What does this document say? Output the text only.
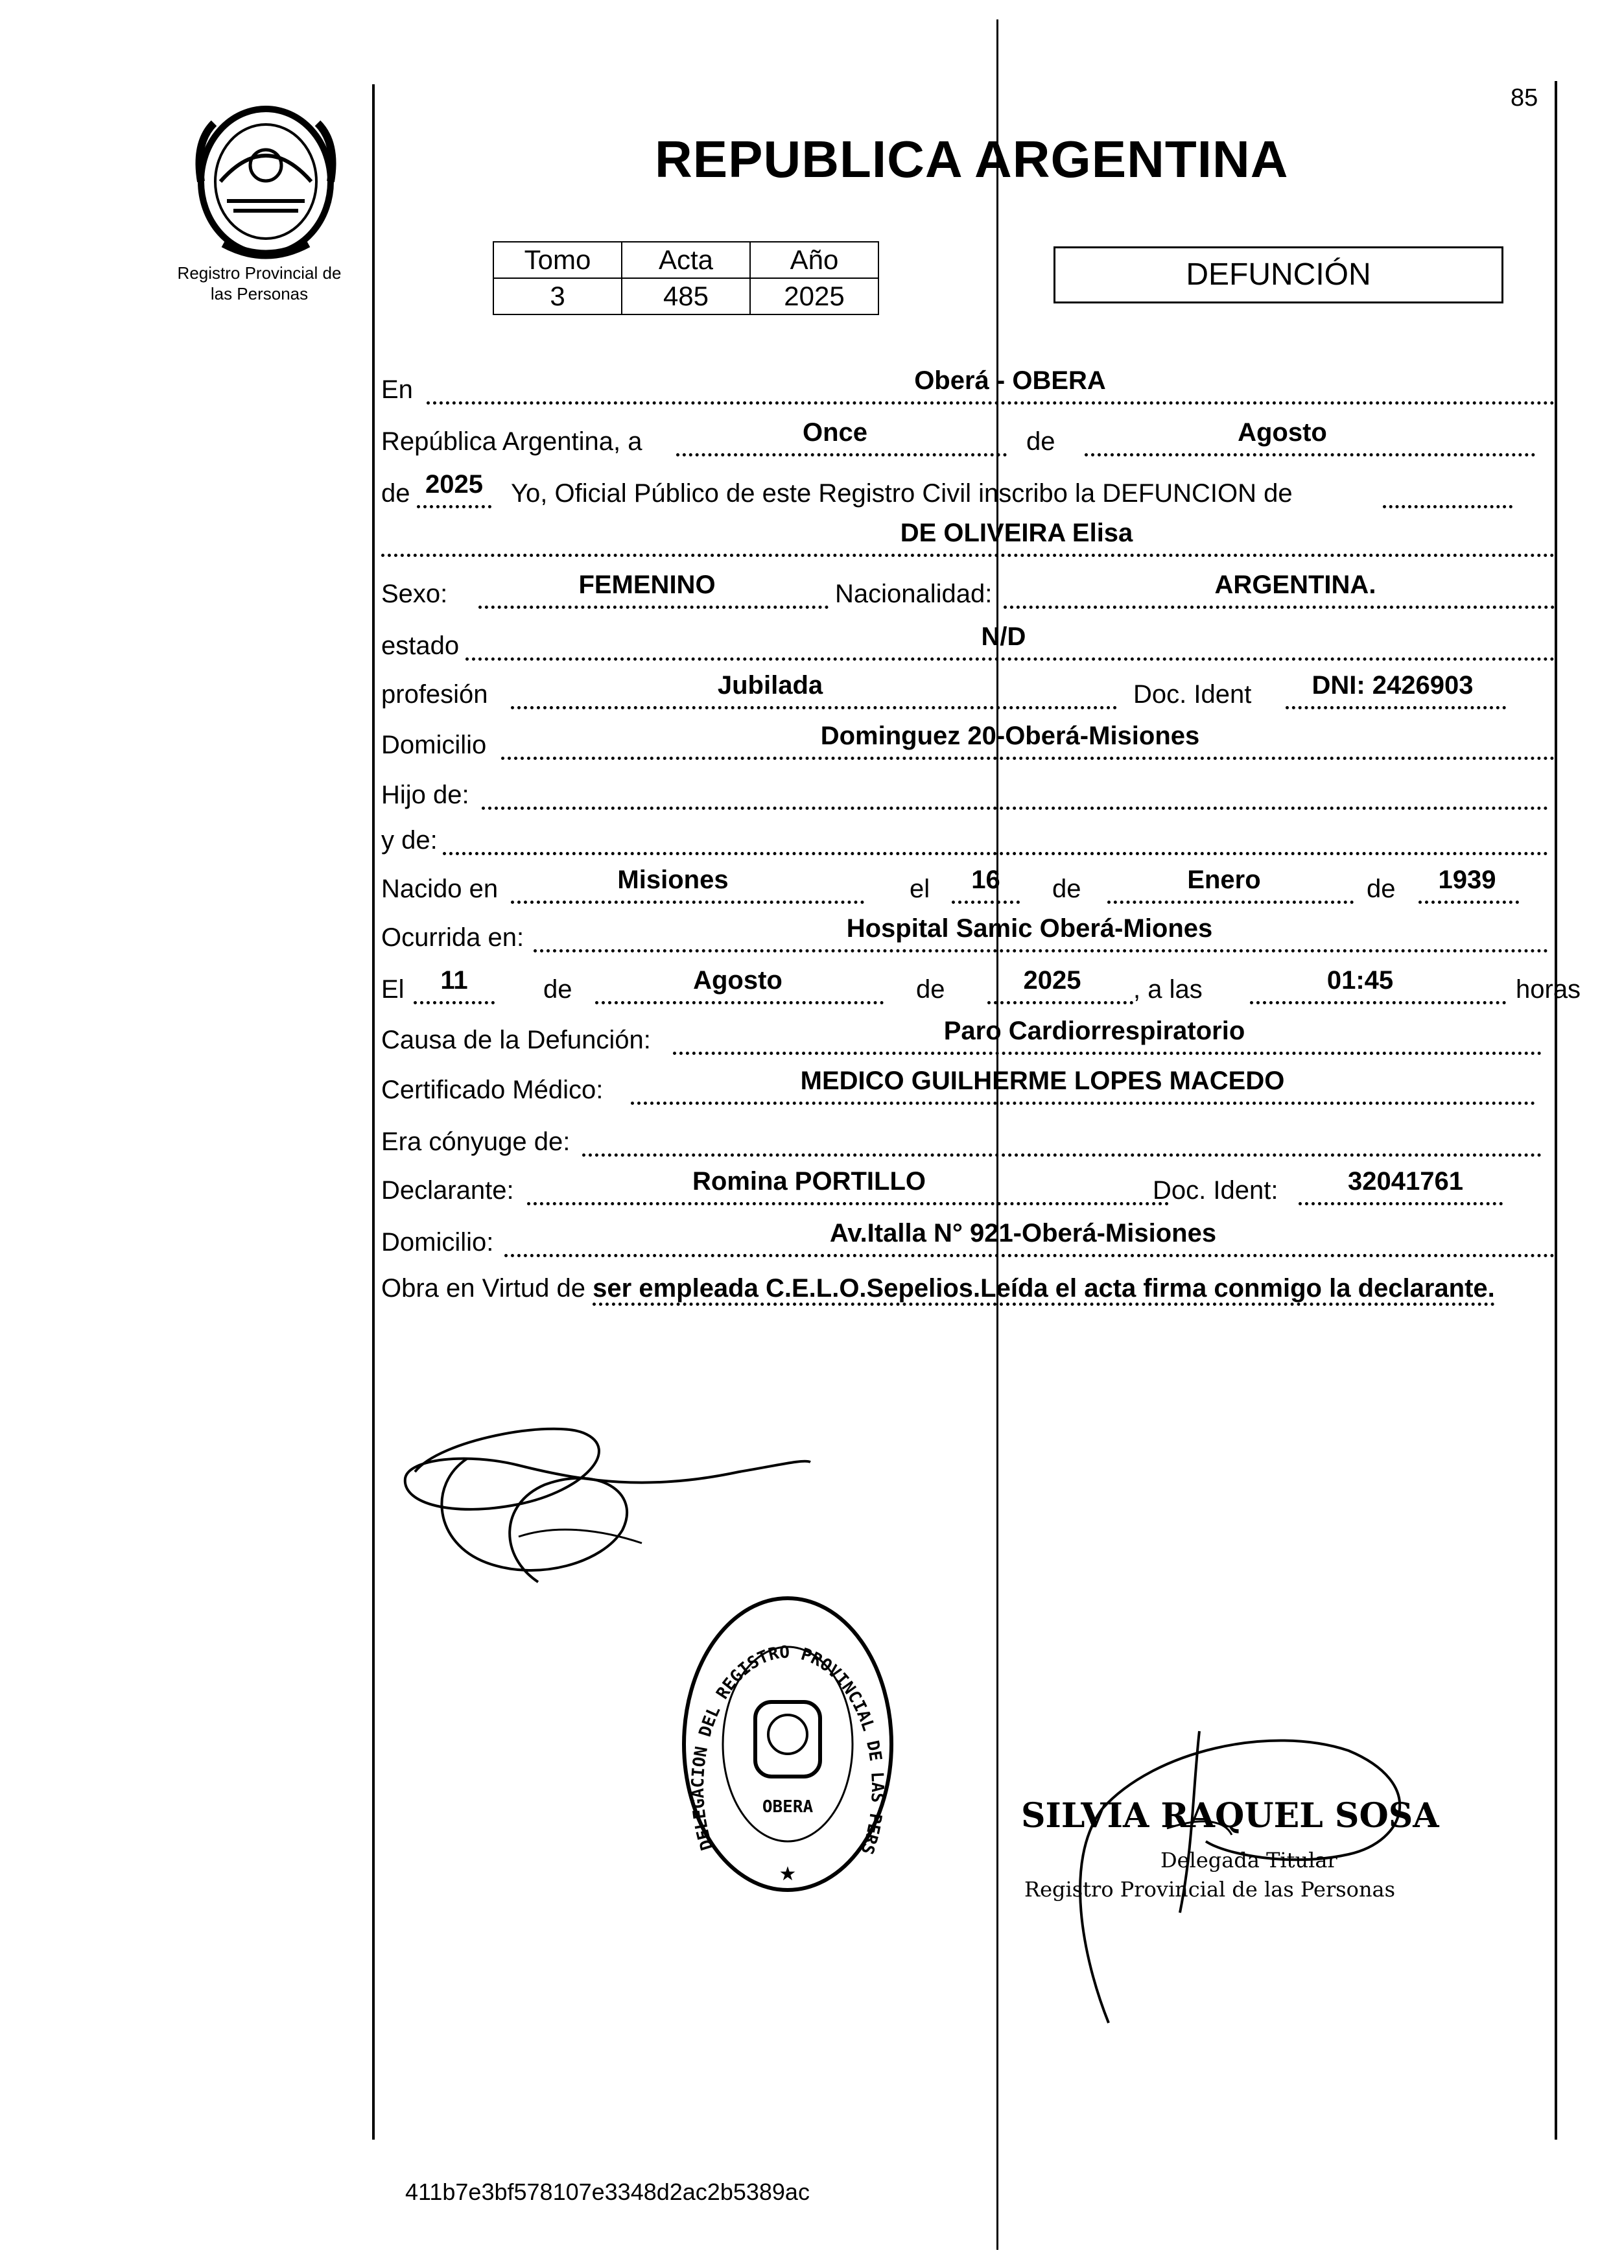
Registro Provincial de
las Personas
85
REPUBLICA ARGENTINA
Tomo	Acta	Año
3	485	2025
DEFUNCIÓN
En	Oberá - OBERA
República Argentina, a	Once	de	Agosto
de 2025	Yo, Oficial Público de este Registro Civil inscribo la DEFUNCION de
DE OLIVEIRA Elisa
Sexo:	FEMENINO	Nacionalidad:	ARGENTINA.
estado	N/D
profesión	Jubilada	Doc. Ident	DNI: 2426903
Domicilio	Dominguez 20-Oberá-Misiones
Hijo de:
y de:
Nacido en	Misiones	el	16	de	Enero	de	1939
Ocurrida en:	Hospital Samic Oberá-Miones
El	11	de	Agosto	de	2025	, a las	01:45	horas
Causa de la Defunción:	Paro Cardiorrespiratorio
Certificado Médico:	MEDICO GUILHERME LOPES MACEDO
Era cónyuge de:
Declarante:	Romina PORTILLO	Doc. Ident:	32041761
Domicilio:	Av.Italla N° 921-Oberá-Misiones
Obra en Virtud de ser empleada C.E.L.O.Sepelios.Leída el acta firma conmigo la declarante.
DELEGACION DEL REGISTRO PROVINCIAL DE LAS PERS
OBERA
★
SILVIA RAQUEL SOSA
Delegada Titular
Registro Provincial de las Personas
411b7e3bf578107e3348d2ac2b5389ac
